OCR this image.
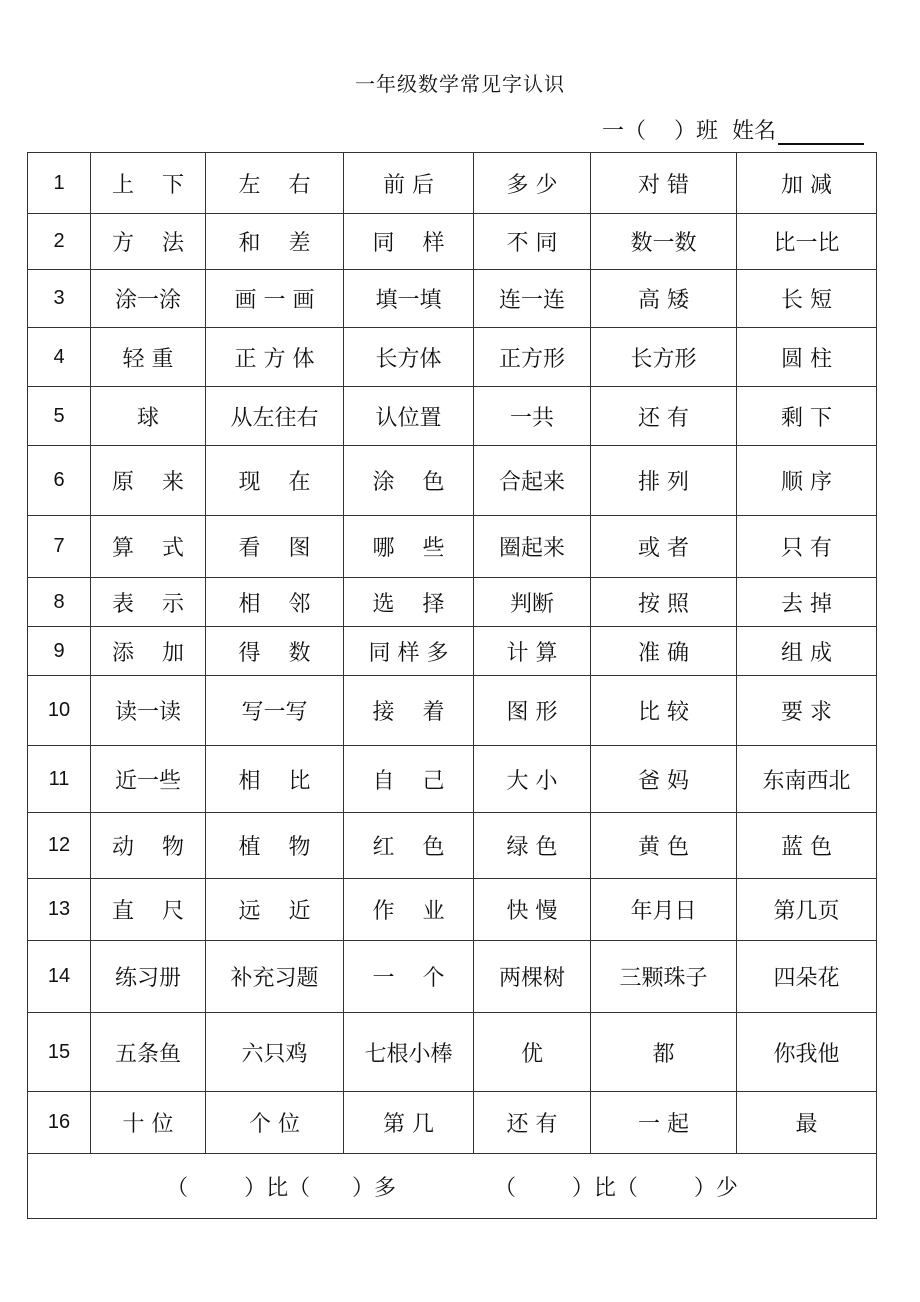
一年级数学常见字认识
一（    ）班  姓名
1	上    下	左    右	前 后	多 少	对 错	加 减
2	方    法	和    差	同    样	不 同	数一数	比一比
3	涂一涂	画 一 画	填一填	连一连	高 矮	长 短
4	轻 重	正 方 体	长方体	正方形	长方形	圆 柱
5	球	从左往右	认位置	一共	还 有	剩 下
6	原    来	现    在	涂    色	合起来	排 列	顺 序
7	算    式	看    图	哪    些	圈起来	或 者	只 有
8	表    示	相    邻	选    择	判断	按 照	去 掉
9	添    加	得    数	同 样 多	计 算	准 确	组 成
10	读一读	写一写	接    着	图 形	比 较	要 求
11	近一些	相    比	自    己	大 小	爸 妈	东南西北
12	动    物	植    物	红    色	绿 色	黄 色	蓝 色
13	直    尺	远    近	作    业	快 慢	年月日	第几页
14	练习册	补充习题	一    个	两棵树	三颗珠子	四朵花
15	五条鱼	六只鸡	七根小棒	优	都	你我他
16	十 位	个 位	第 几	还 有	一 起	最
（        ）比（      ）多              （        ）比（        ）少						
